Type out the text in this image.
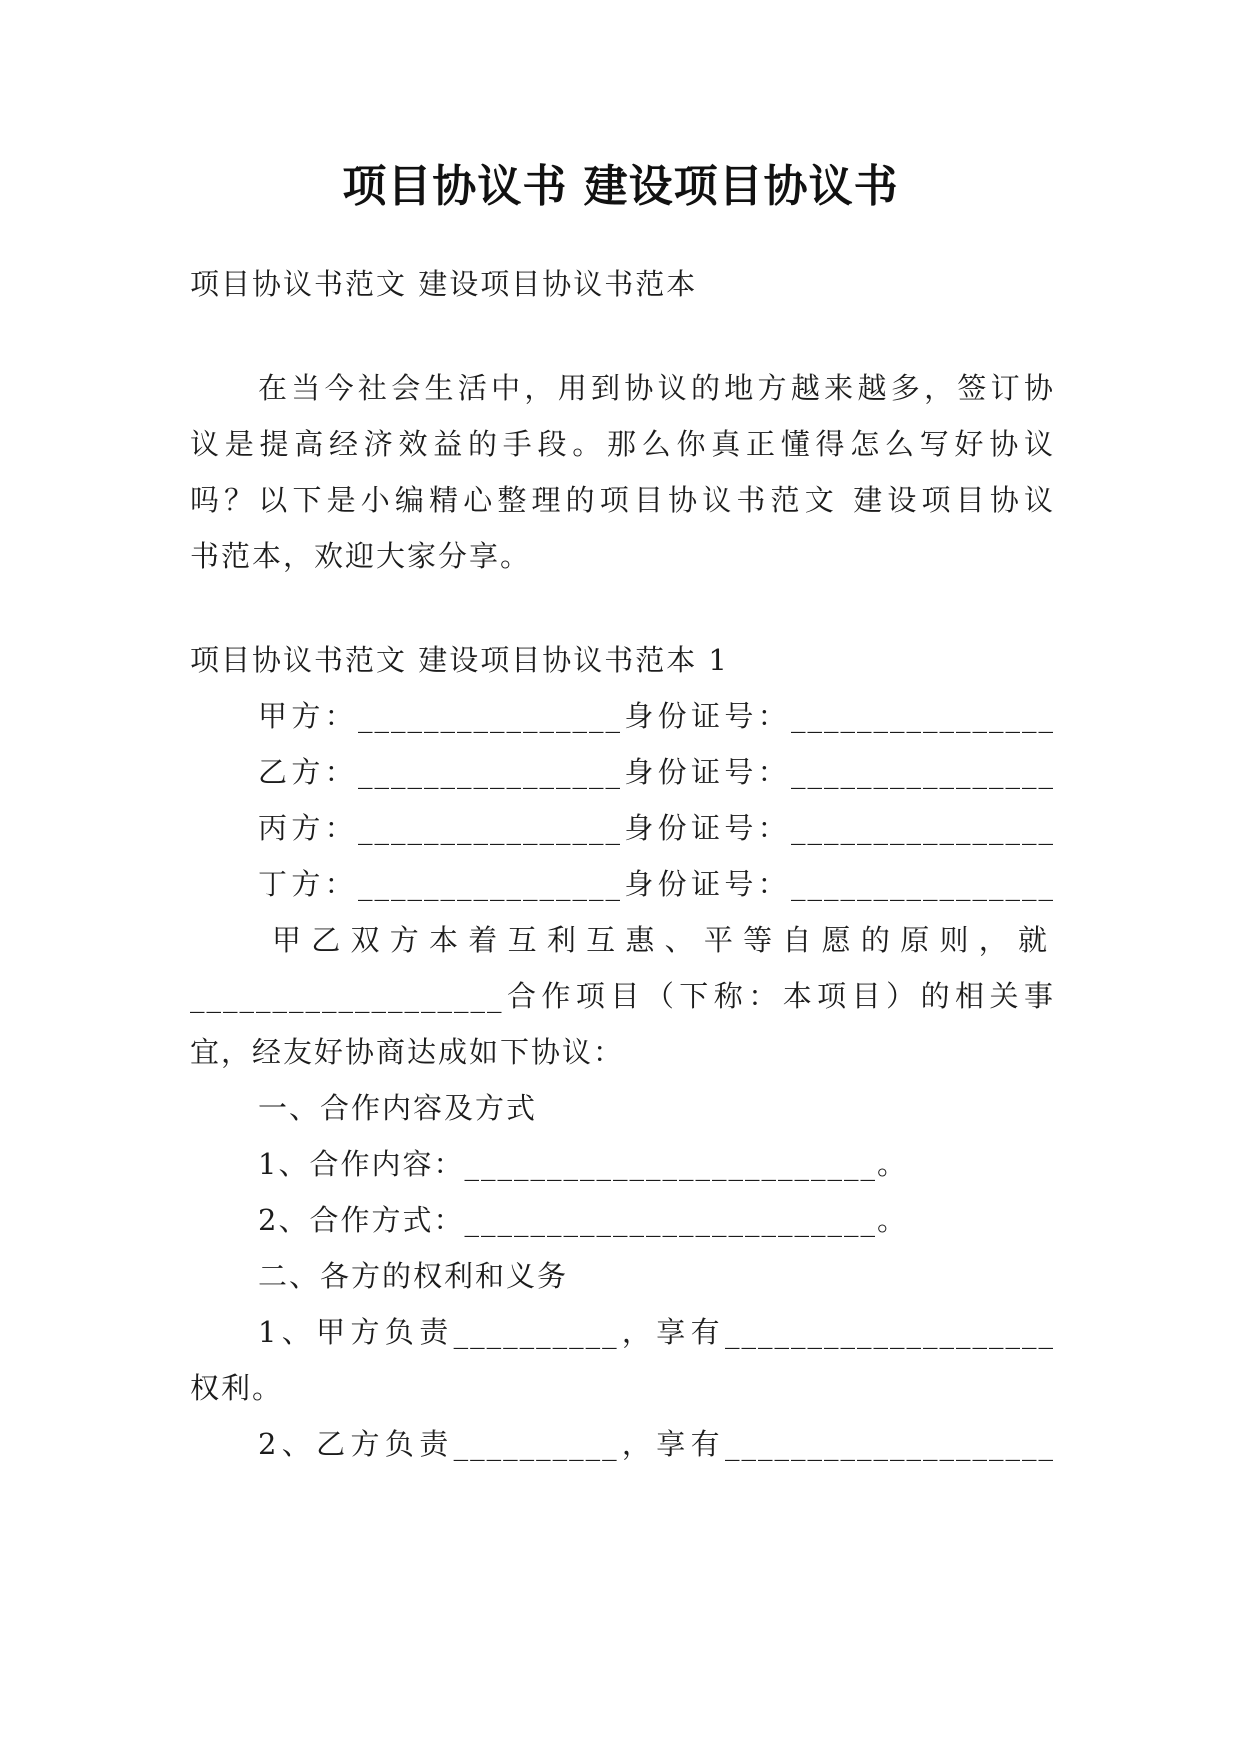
项目协议书 建设项目协议书
项目协议书范文 建设项目协议书范本
在当今社会生活中，用到协议的地方越来越多，签订协
议是提高经济效益的手段。那么你真正懂得怎么写好协议
吗？以下是小编精心整理的项目协议书范文 建设项目协议
书范本，欢迎大家分享。
项目协议书范文 建设项目协议书范本 1
甲方：________________身份证号：________________
乙方：________________身份证号：________________
丙方：________________身份证号：________________
丁方：________________身份证号：________________
甲乙双方本着互利互惠、平等自愿的原则，就
___________________合作项目（下称：本项目）的相关事
宜，经友好协商达成如下协议：
一、合作内容及方式
1、合作内容：_________________________。
2、合作方式：_________________________。
二、各方的权利和义务
1、甲方负责__________，享有____________________
权利。
2、乙方负责__________，享有____________________
